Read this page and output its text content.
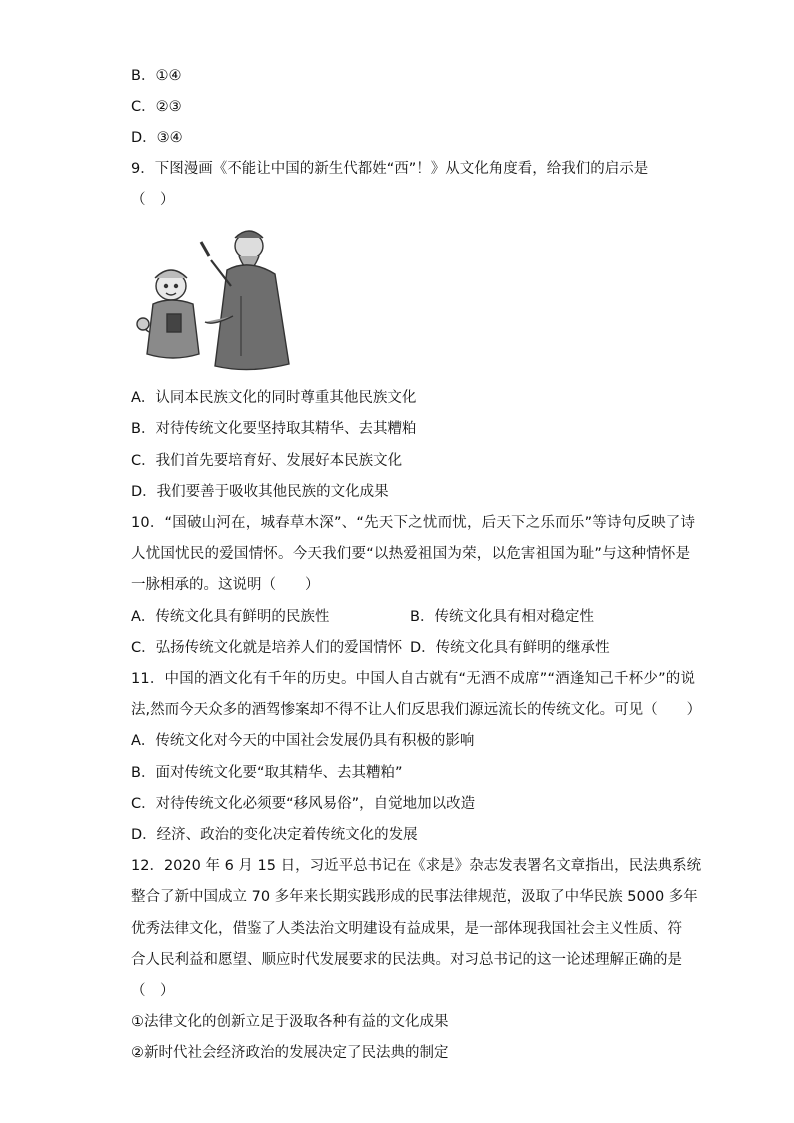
B．①④
C．②③
D．③④
9．下图漫画《不能让中国的新生代都姓“西”！》从文化角度看，给我们的启示是
（　）
A．认同本民族文化的同时尊重其他民族文化
B．对待传统文化要坚持取其精华、去其糟粕
C．我们首先要培育好、发展好本民族文化
D．我们要善于吸收其他民族的文化成果
10．“国破山河在，城春草木深”、“先天下之忧而忧，后天下之乐而乐”等诗句反映了诗
人忧国忧民的爱国情怀。今天我们要“以热爱祖国为荣，以危害祖国为耻”与这种情怀是
一脉相承的。这说明（　　）
A．传统文化具有鲜明的民族性	B．传统文化具有相对稳定性
C．弘扬传统文化就是培养人们的爱国情怀 D．传统文化具有鲜明的继承性
11．中国的酒文化有千年的历史。中国人自古就有“无酒不成席”“酒逢知己千杯少”的说
法,然而今天众多的酒驾惨案却不得不让人们反思我们源远流长的传统文化。可见（　　）
A．传统文化对今天的中国社会发展仍具有积极的影响
B．面对传统文化要“取其精华、去其糟粕”
C．对待传统文化必须要“移风易俗”，自觉地加以改造
D．经济、政治的变化决定着传统文化的发展
12．2020 年 6 月 15 日，习近平总书记在《求是》杂志发表署名文章指出，民法典系统
整合了新中国成立 70 多年来长期实践形成的民事法律规范，汲取了中华民族 5000 多年
优秀法律文化，借鉴了人类法治文明建设有益成果，是一部体现我国社会主义性质、符
合人民利益和愿望、顺应时代发展要求的民法典。对习总书记的这一论述理解正确的是
（　）
①法律文化的创新立足于汲取各种有益的文化成果
②新时代社会经济政治的发展决定了民法典的制定
